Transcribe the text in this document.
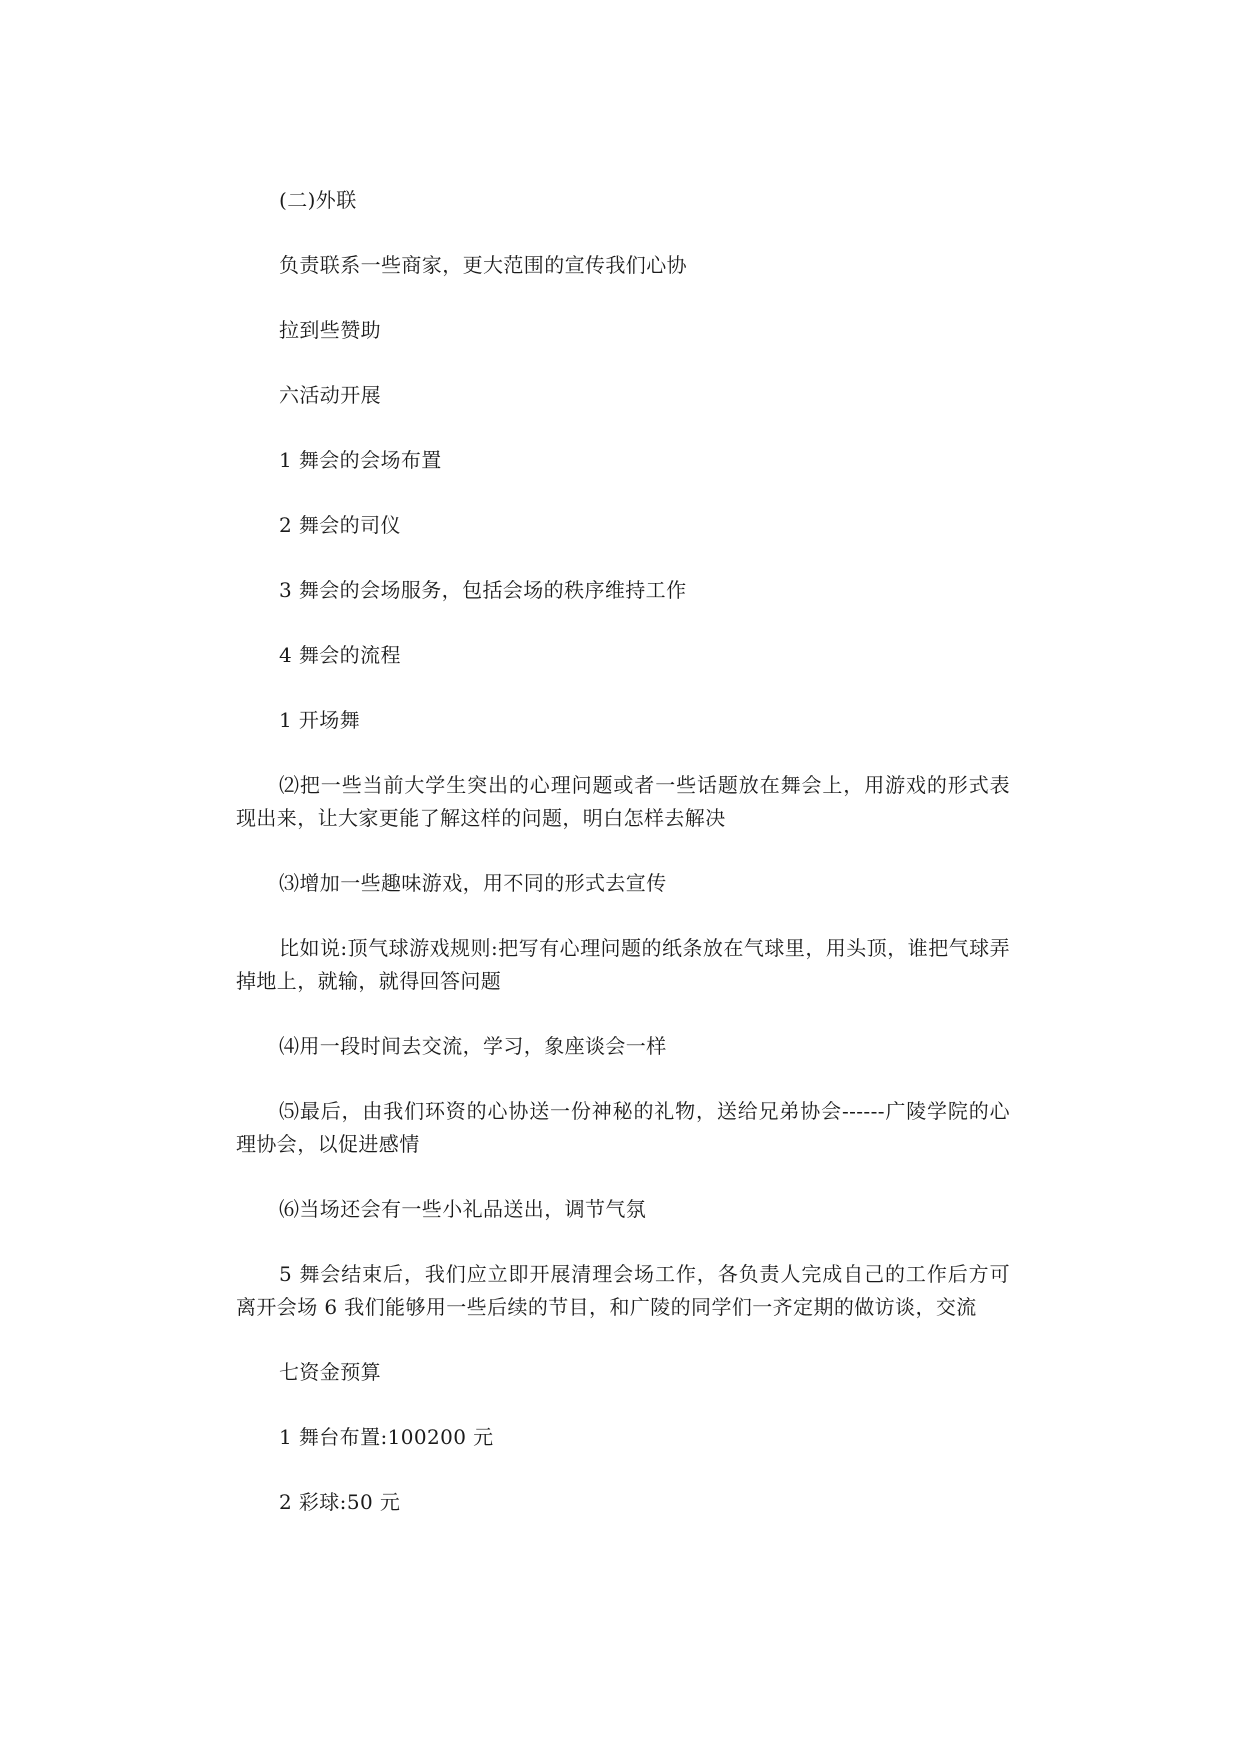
(二)外联

负责联系一些商家，更大范围的宣传我们心协

拉到些赞助

六活动开展

1 舞会的会场布置

2 舞会的司仪

3 舞会的会场服务，包括会场的秩序维持工作

4 舞会的流程

1 开场舞

⑵把一些当前大学生突出的心理问题或者一些话题放在舞会上，用游戏的形式表现出来，让大家更能了解这样的问题，明白怎样去解决

⑶增加一些趣味游戏，用不同的形式去宣传

比如说:顶气球游戏规则:把写有心理问题的纸条放在气球里，用头顶，谁把气球弄掉地上，就输，就得回答问题

⑷用一段时间去交流，学习，象座谈会一样

⑸最后，由我们环资的心协送一份神秘的礼物，送给兄弟协会------广陵学院的心理协会，以促进感情

⑹当场还会有一些小礼品送出，调节气氛

5 舞会结束后，我们应立即开展清理会场工作，各负责人完成自己的工作后方可离开会场 6 我们能够用一些后续的节目，和广陵的同学们一齐定期的做访谈，交流

七资金预算

1 舞台布置:100200 元

2 彩球:50 元
